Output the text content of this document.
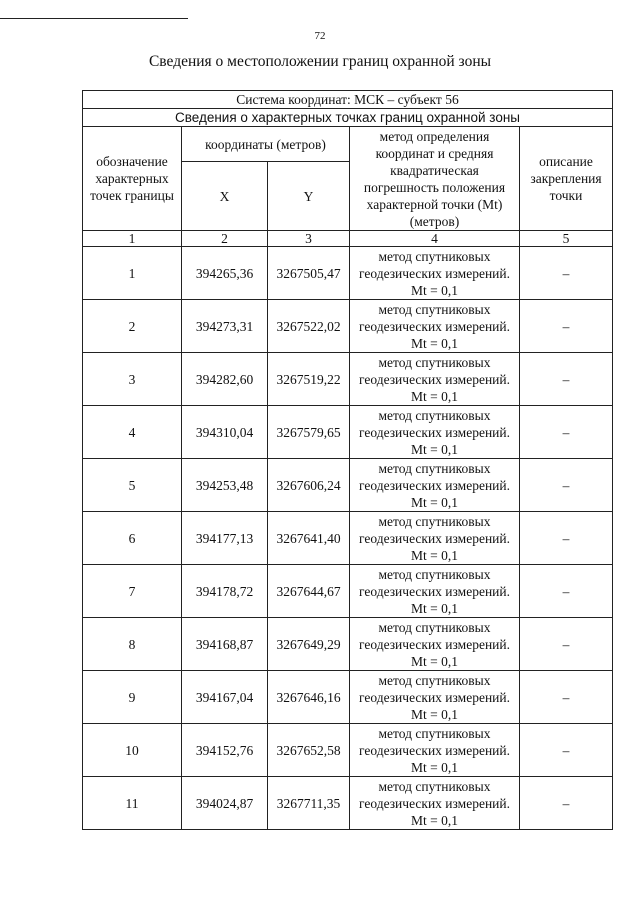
72
Сведения о местоположении границ охранной зоны
Система координат: МСК – субъект 56				
Сведения о характерных точках границ охранной зоны				
обозначение характерных точек границы	координаты (метров)		метод определения координат и средняя квадратическая погрешность положения характерной точки (Mt) (метров)	описание закрепления точки
	X	Y		
1	2	3	4	5
1	394265,36	3267505,47	метод спутниковых геодезических измерений. Mt = 0,1	–
2	394273,31	3267522,02	метод спутниковых геодезических измерений. Mt = 0,1	–
3	394282,60	3267519,22	метод спутниковых геодезических измерений. Mt = 0,1	–
4	394310,04	3267579,65	метод спутниковых геодезических измерений. Mt = 0,1	–
5	394253,48	3267606,24	метод спутниковых геодезических измерений. Mt = 0,1	–
6	394177,13	3267641,40	метод спутниковых геодезических измерений. Mt = 0,1	–
7	394178,72	3267644,67	метод спутниковых геодезических измерений. Mt = 0,1	–
8	394168,87	3267649,29	метод спутниковых геодезических измерений. Mt = 0,1	–
9	394167,04	3267646,16	метод спутниковых геодезических измерений. Mt = 0,1	–
10	394152,76	3267652,58	метод спутниковых геодезических измерений. Mt = 0,1	–
11	394024,87	3267711,35	метод спутниковых геодезических измерений. Mt = 0,1	–
